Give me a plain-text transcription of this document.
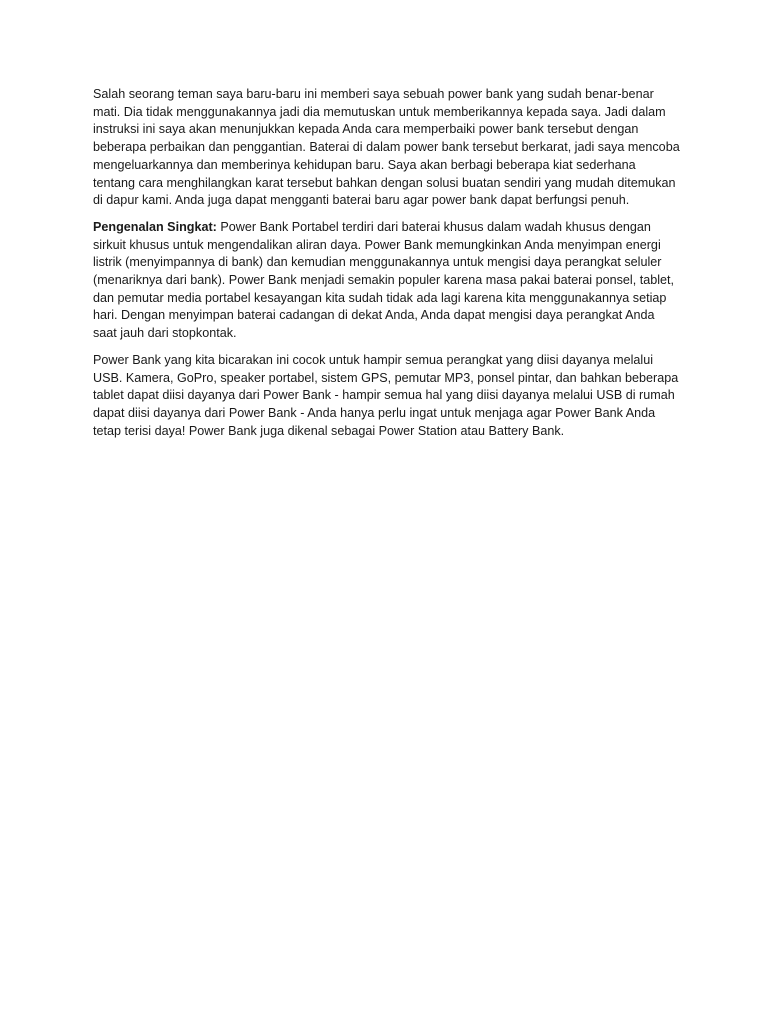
Salah seorang teman saya baru-baru ini memberi saya sebuah power bank yang sudah benar-benar mati. Dia tidak menggunakannya jadi dia memutuskan untuk memberikannya kepada saya. Jadi dalam instruksi ini saya akan menunjukkan kepada Anda cara memperbaiki power bank tersebut dengan beberapa perbaikan dan penggantian. Baterai di dalam power bank tersebut berkarat, jadi saya mencoba mengeluarkannya dan memberinya kehidupan baru. Saya akan berbagi beberapa kiat sederhana tentang cara menghilangkan karat tersebut bahkan dengan solusi buatan sendiri yang mudah ditemukan di dapur kami. Anda juga dapat mengganti baterai baru agar power bank dapat berfungsi penuh.

Pengenalan Singkat: Power Bank Portabel terdiri dari baterai khusus dalam wadah khusus dengan sirkuit khusus untuk mengendalikan aliran daya. Power Bank memungkinkan Anda menyimpan energi listrik (menyimpannya di bank) dan kemudian menggunakannya untuk mengisi daya perangkat seluler (menariknya dari bank). Power Bank menjadi semakin populer karena masa pakai baterai ponsel, tablet, dan pemutar media portabel kesayangan kita sudah tidak ada lagi karena kita menggunakannya setiap hari. Dengan menyimpan baterai cadangan di dekat Anda, Anda dapat mengisi daya perangkat Anda saat jauh dari stopkontak.

Power Bank yang kita bicarakan ini cocok untuk hampir semua perangkat yang diisi dayanya melalui USB. Kamera, GoPro, speaker portabel, sistem GPS, pemutar MP3, ponsel pintar, dan bahkan beberapa tablet dapat diisi dayanya dari Power Bank - hampir semua hal yang diisi dayanya melalui USB di rumah dapat diisi dayanya dari Power Bank - Anda hanya perlu ingat untuk menjaga agar Power Bank Anda tetap terisi daya! Power Bank juga dikenal sebagai Power Station atau Battery Bank.
